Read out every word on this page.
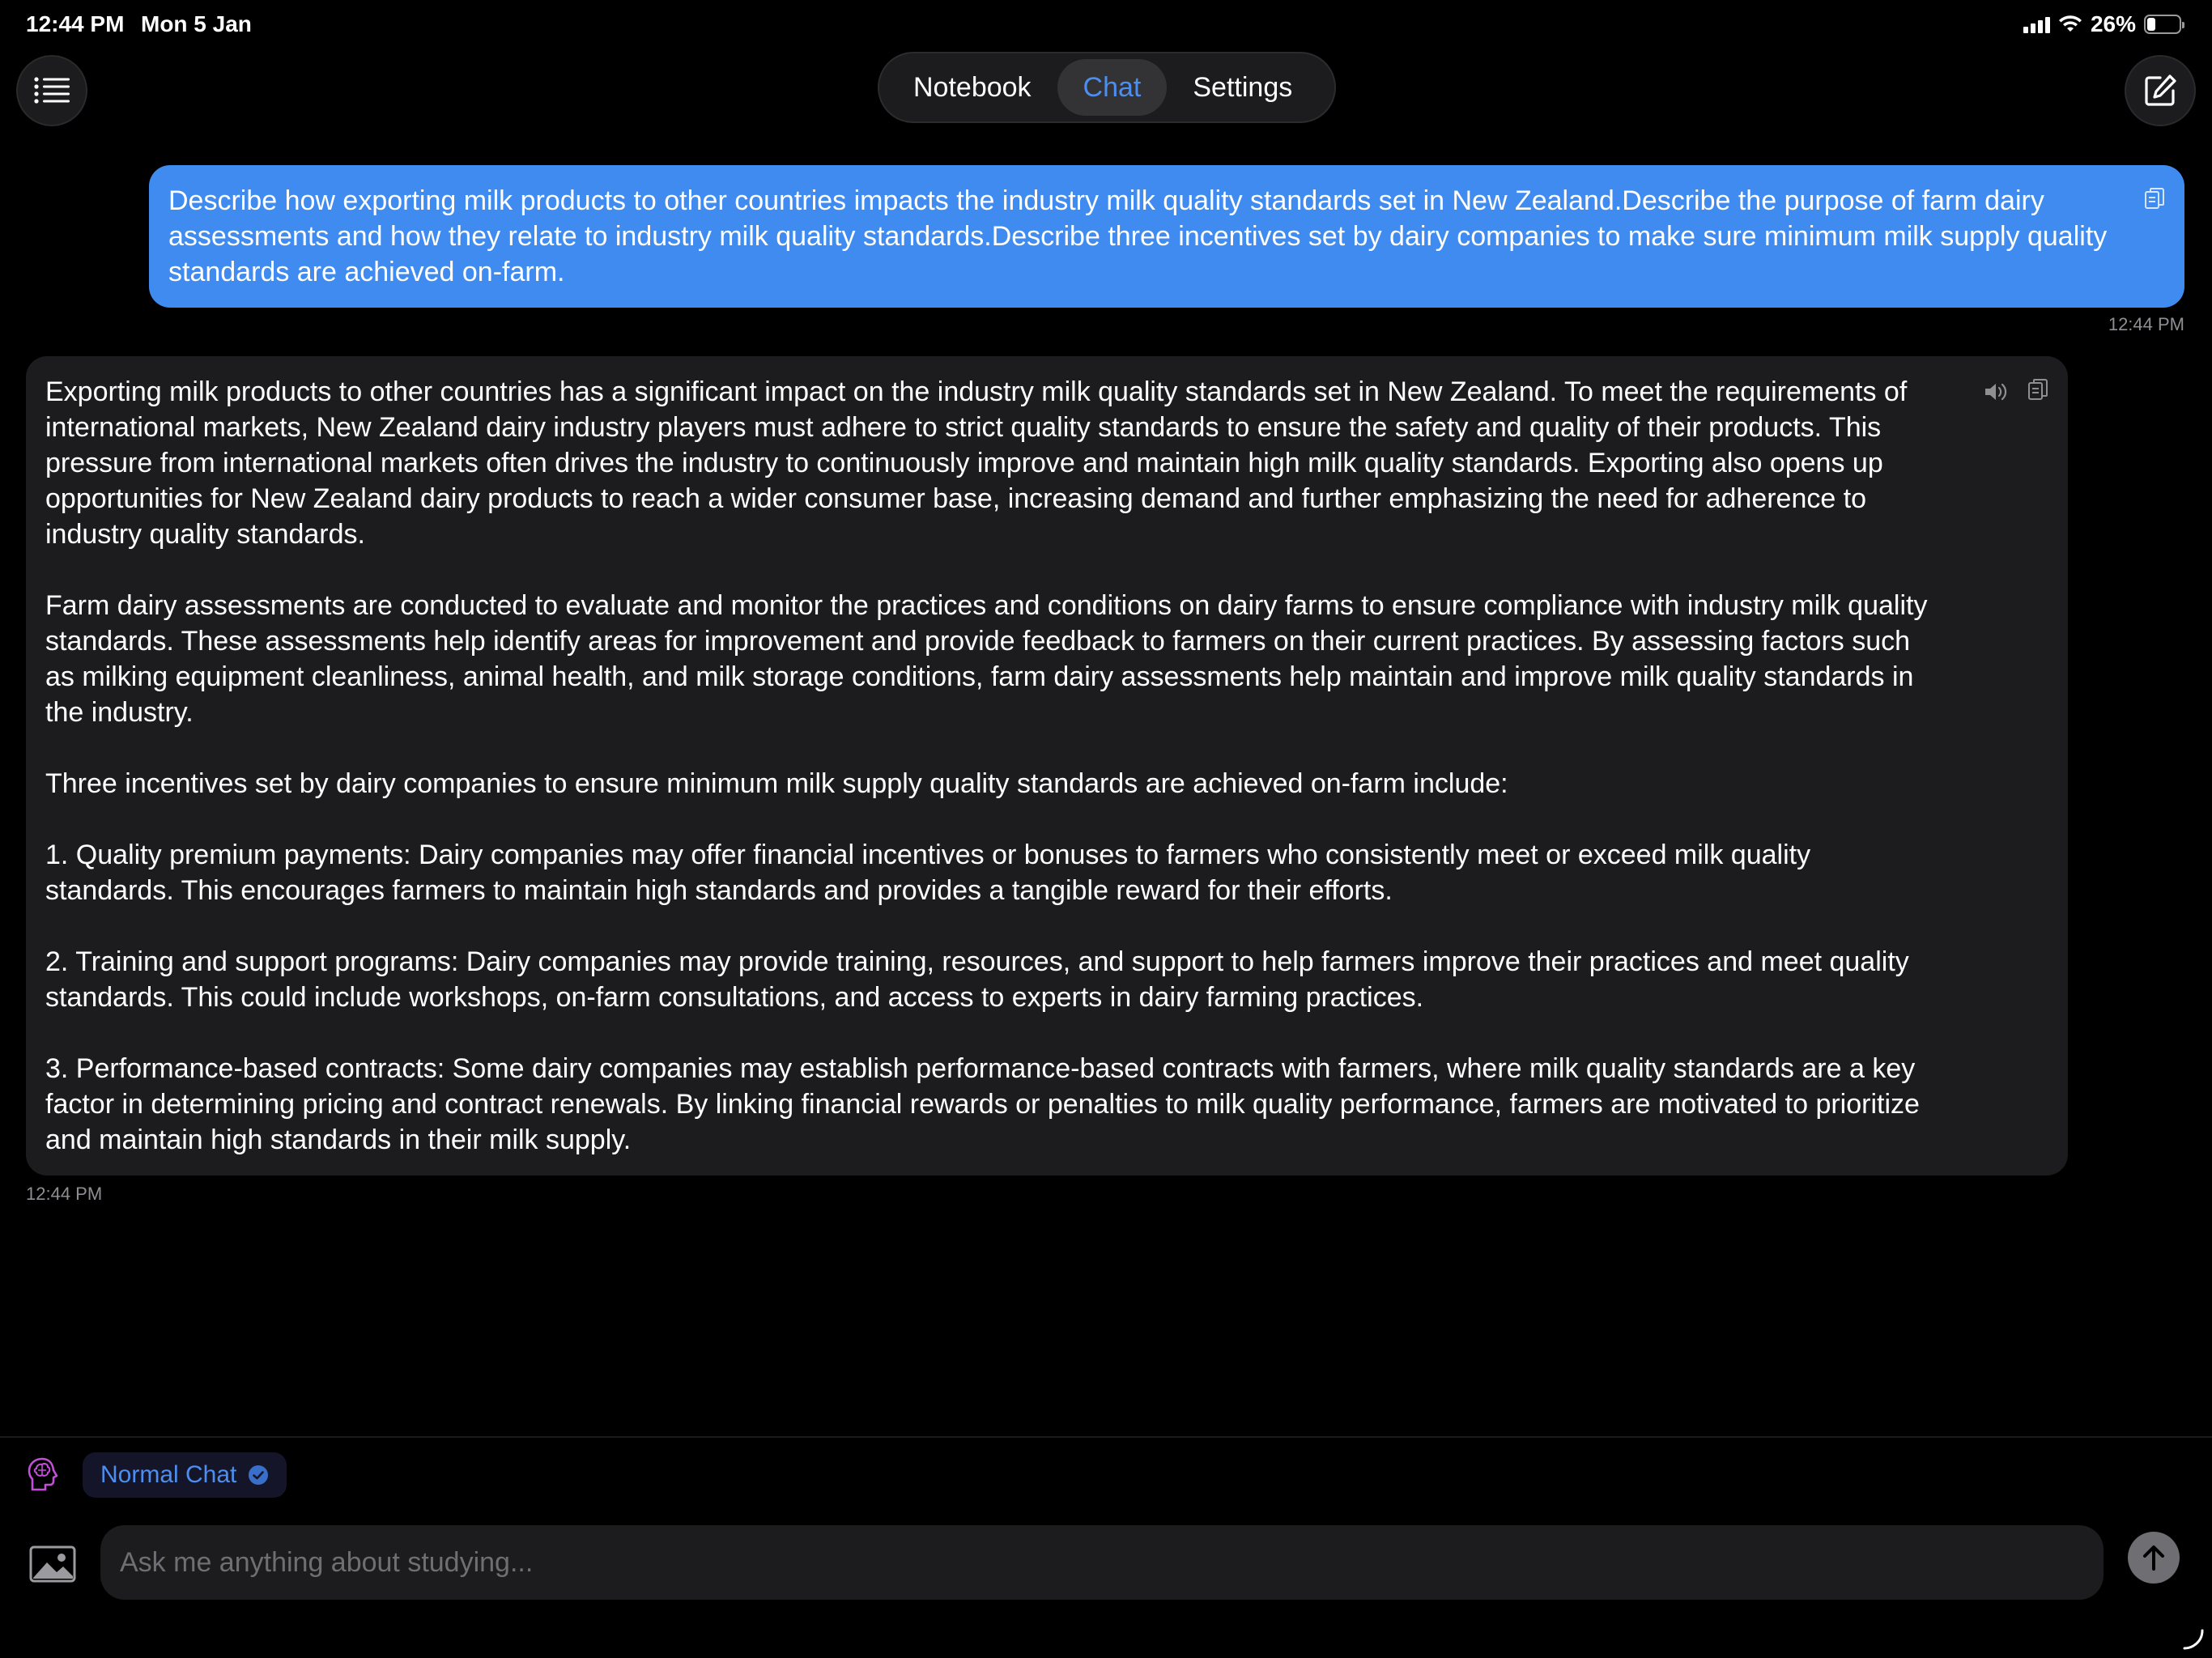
12:44 PM Mon 5 Jan	26%
Notebook	Chat	Settings
Describe how exporting milk products to other countries impacts the industry milk quality standards set in New Zealand.Describe the purpose of farm dairy assessments and how they relate to industry milk quality standards.Describe three incentives set by dairy companies to make sure minimum milk supply quality standards are achieved on-farm.
12:44 PM

Exporting milk products to other countries has a significant impact on the industry milk quality standards set in New Zealand. To meet the requirements of international markets, New Zealand dairy industry players must adhere to strict quality standards to ensure the safety and quality of their products. This pressure from international markets often drives the industry to continuously improve and maintain high milk quality standards. Exporting also opens up opportunities for New Zealand dairy products to reach a wider consumer base, increasing demand and further emphasizing the need for adherence to industry quality standards.

Farm dairy assessments are conducted to evaluate and monitor the practices and conditions on dairy farms to ensure compliance with industry milk quality standards. These assessments help identify areas for improvement and provide feedback to farmers on their current practices. By assessing factors such as milking equipment cleanliness, animal health, and milk storage conditions, farm dairy assessments help maintain and improve milk quality standards in the industry.

Three incentives set by dairy companies to ensure minimum milk supply quality standards are achieved on-farm include:

1. Quality premium payments: Dairy companies may offer financial incentives or bonuses to farmers who consistently meet or exceed milk quality standards. This encourages farmers to maintain high standards and provides a tangible reward for their efforts.

2. Training and support programs: Dairy companies may provide training, resources, and support to help farmers improve their practices and meet quality standards. This could include workshops, on-farm consultations, and access to experts in dairy farming practices.

3. Performance-based contracts: Some dairy companies may establish performance-based contracts with farmers, where milk quality standards are a key factor in determining pricing and contract renewals. By linking financial rewards or penalties to milk quality performance, farmers are motivated to prioritize and maintain high standards in their milk supply.

12:44 PM
Normal Chat
Ask me anything about studying...
